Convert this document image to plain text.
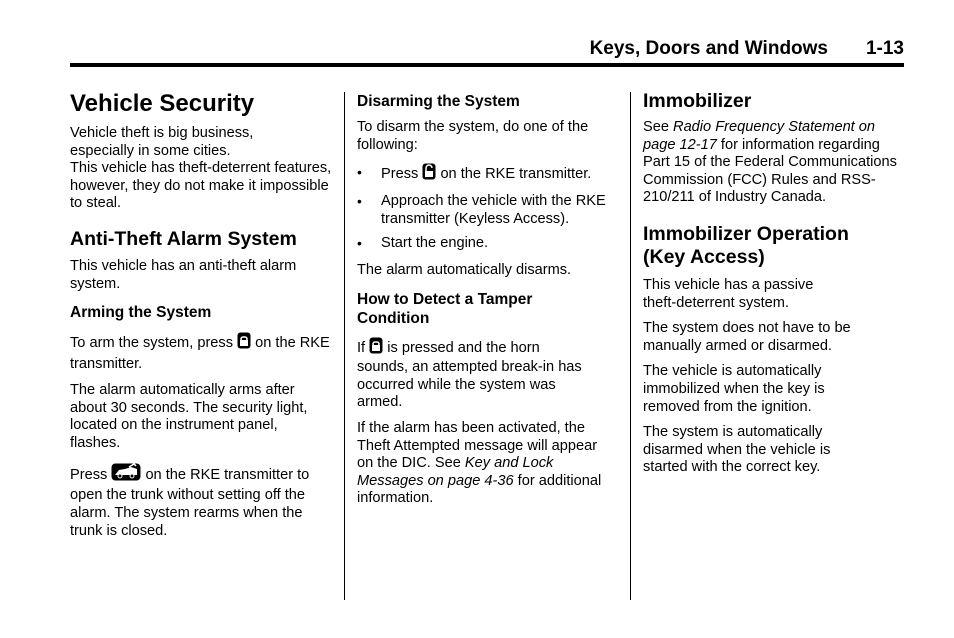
Keys, Doors and Windows 1-13
Vehicle Security

Vehicle theft is big business, especially in some cities.

This vehicle has theft-deterrent features, however, they do not make it impossible to steal.

Anti-Theft Alarm System

This vehicle has an anti-theft alarm system.

Arming the System

To arm the system, press on the RKE transmitter.

The alarm automatically arms after about 30 seconds. The security light, located on the instrument panel, flashes.

Press	on the RKE transmitter to open the trunk without setting off the alarm. The system rearms when the trunk is closed.

Disarming the System

To disarm the system, do one of the following:

• Press on the RKE transmitter.

• Approach the vehicle with the RKE transmitter (Keyless Access).

• Start the engine.

The alarm automatically disarms.

How to Detect a Tamper Condition

If is pressed and the horn sounds, an attempted break-in has occurred while the system was armed.

If the alarm has been activated, the Theft Attempted message will appear on the DIC. See Key and Lock Messages on page 4-36 for additional information.

Immobilizer

See Radio Frequency Statement on page 12-17 for information regarding Part 15 of the Federal Communications Commission (FCC) Rules and RSS-210/211 of Industry Canada.

Immobilizer Operation
(Key Access)

This vehicle has a passive theft-deterrent system.

The system does not have to be manually armed or disarmed.

The vehicle is automatically immobilized when the key is removed from the ignition.

The system is automatically disarmed when the vehicle is started with the correct key.
